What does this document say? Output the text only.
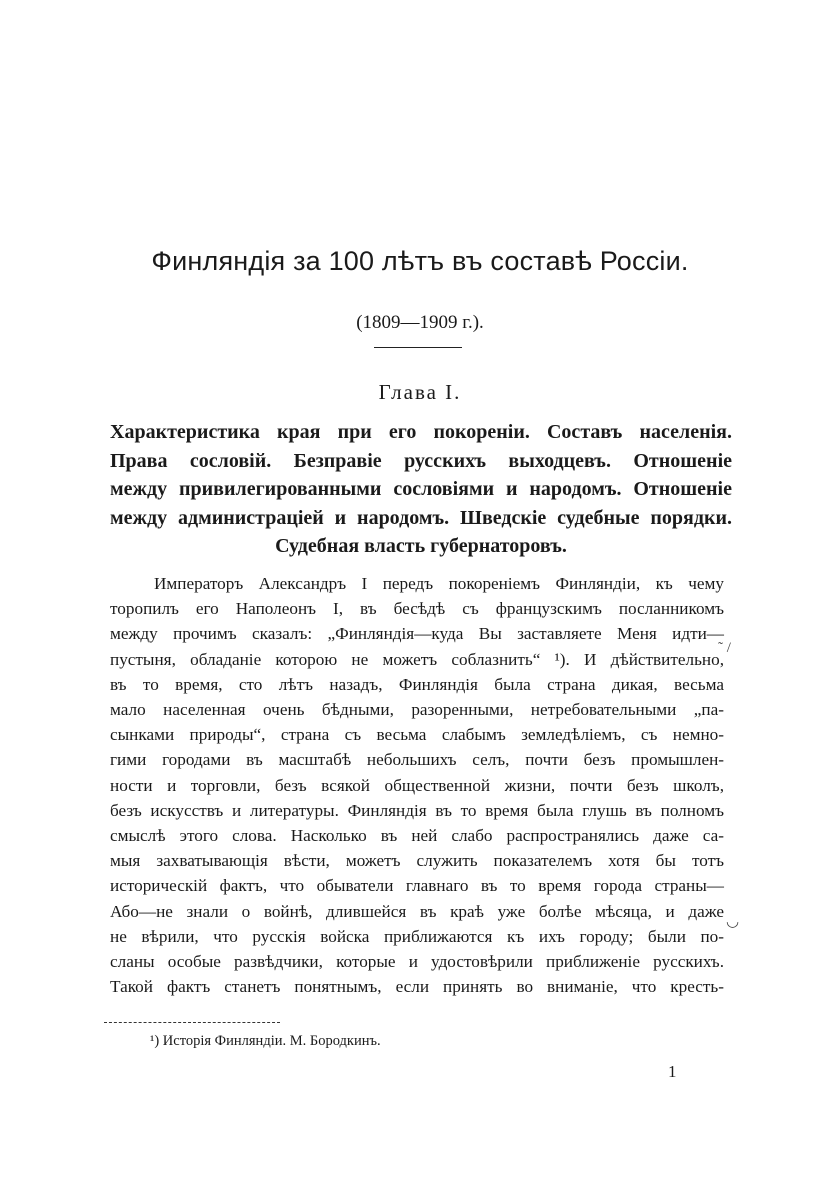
Финляндія за 100 лѣтъ въ составѣ Россіи.
(1809—1909 г.).
Глава I.
Характеристика края при его покореніи. Составъ населенія.
Права сословій. Безправіе русскихъ выходцевъ. Отношеніе
между привилегированными сословіями и народомъ. Отношеніе
между администраціей и народомъ. Шведскіе судебные порядки.
Судебная власть губернаторовъ.
Императоръ Александръ I передъ покореніемъ Финляндіи, къ чему
торопилъ его Наполеонъ I, въ бесѣдѣ съ французскимъ посланникомъ
между прочимъ сказалъ: „Финляндія—куда Вы заставляете Меня идти—
пустыня, обладаніе которою не можетъ соблазнить“ ¹). И дѣйствительно,
въ то время, сто лѣтъ назадъ, Финляндія была страна дикая, весьма
мало населенная очень бѣдными, разоренными, нетребовательными „па-
сынками природы“, страна съ весьма слабымъ земледѣліемъ, съ немно-
гими городами въ масштабѣ небольшихъ селъ, почти безъ промышлен-
ности и торговли, безъ всякой общественной жизни, почти безъ школъ,
безъ искусствъ и литературы. Финляндія въ то время была глушь въ полномъ
смыслѣ этого слова. Насколько въ ней слабо распространялись даже са-
мыя захватывающія вѣсти, можетъ служить показателемъ хотя бы тотъ
историческій фактъ, что обыватели главнаго въ то время города страны—
Або—не знали о войнѣ, длившейся въ краѣ уже болѣе мѣсяца, и даже
не вѣрили, что русскія войска приближаются къ ихъ городу; были по-
сланы особые развѣдчики, которые и удостовѣрили приближеніе русскихъ.
Такой фактъ станетъ понятнымъ, если принять во вниманіе, что кресть-
˜ /
◡
¹) Исторія Финляндіи. М. Бородкинъ.
1
